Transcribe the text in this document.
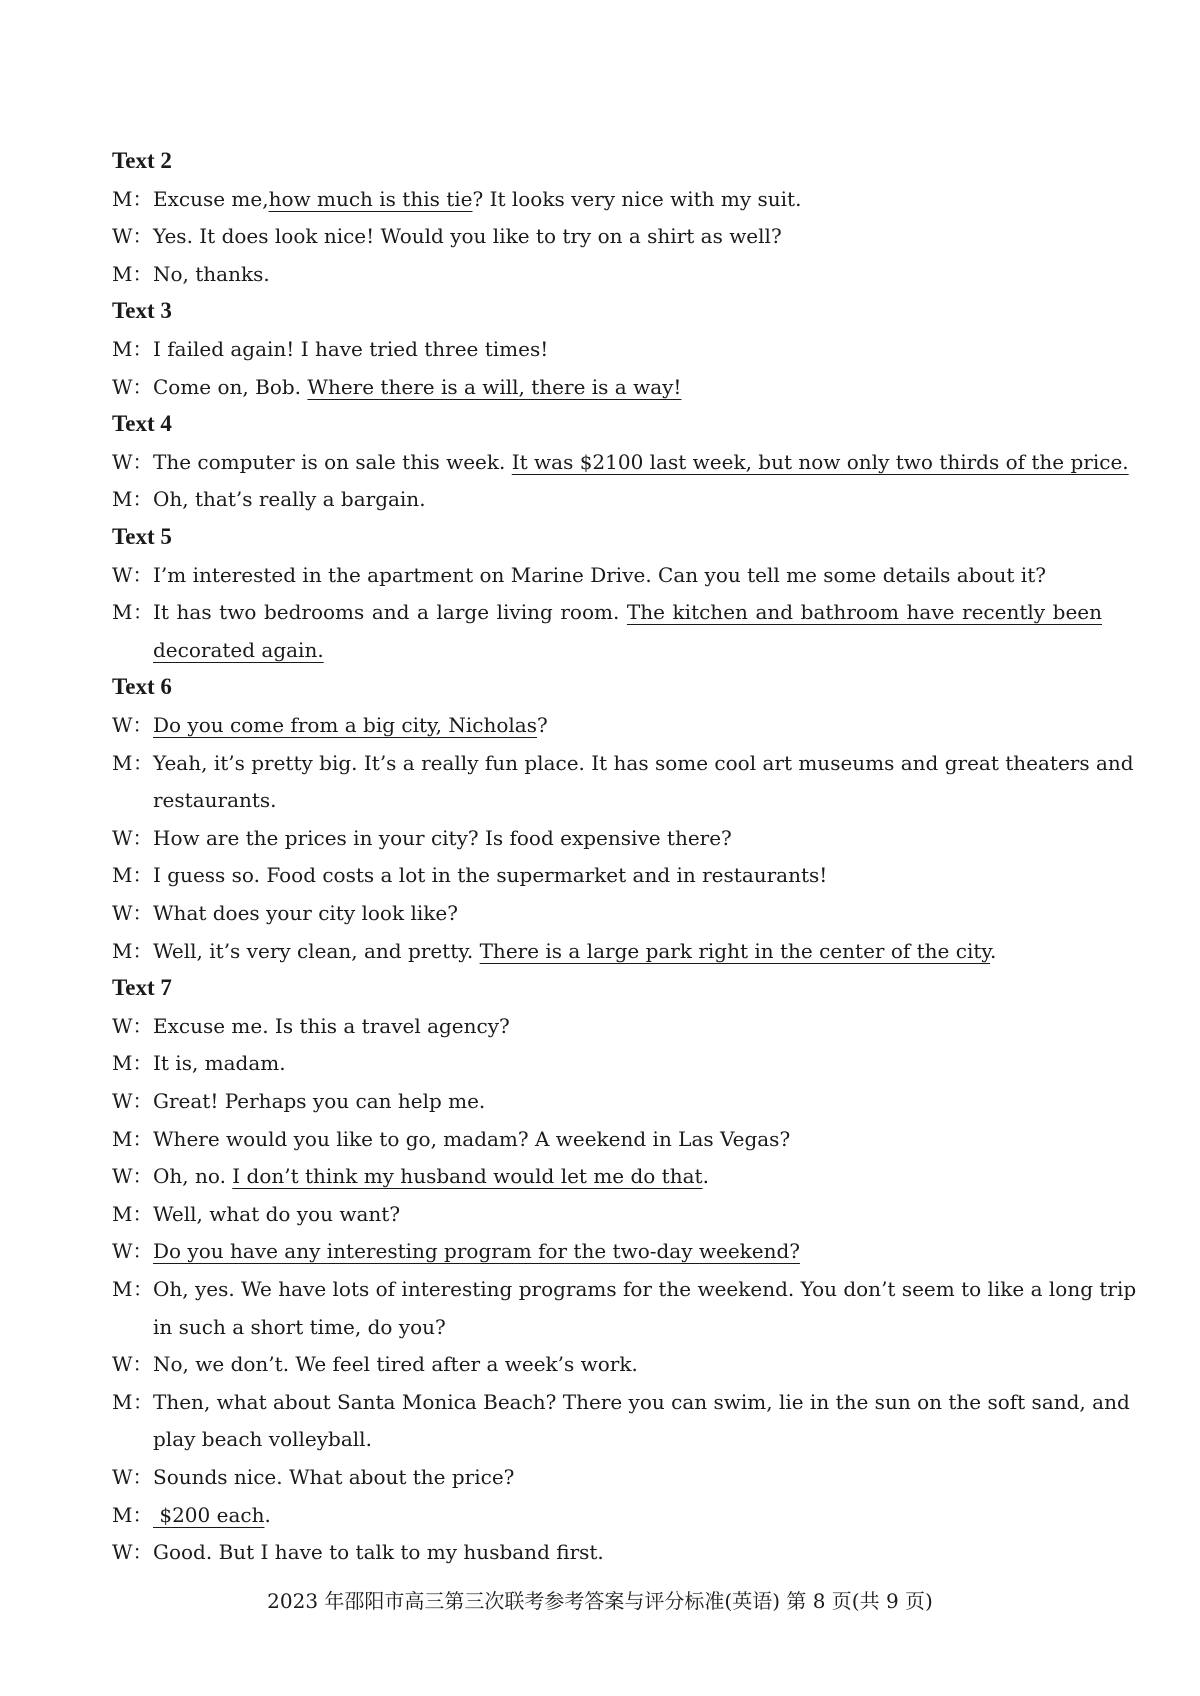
Text 2
M：Excuse me,how much is this tie? It looks very nice with my suit.
W：Yes. It does look nice! Would you like to try on a shirt as well?
M：No, thanks.
Text 3
M：I failed again! I have tried three times!
W：Come on, Bob. Where there is a will, there is a way!
Text 4
W：The computer is on sale this week. It was $2100 last week, but now only two thirds of the price.
M：Oh, that’s really a bargain.
Text 5
W：I’m interested in the apartment on Marine Drive. Can you tell me some details about it?
M：It has two bedrooms and a large living room. The kitchen and bathroom have recently been
decorated again.
Text 6
W：Do you come from a big city, Nicholas?
M：Yeah, it’s pretty big. It’s a really fun place. It has some cool art museums and great theaters and
restaurants.
W：How are the prices in your city? Is food expensive there?
M：I guess so. Food costs a lot in the supermarket and in restaurants!
W：What does your city look like?
M：Well, it’s very clean, and pretty. There is a large park right in the center of the city.
Text 7
W：Excuse me. Is this a travel agency?
M：It is, madam.
W：Great! Perhaps you can help me.
M：Where would you like to go, madam? A weekend in Las Vegas?
W：Oh, no. I don’t think my husband would let me do that.
M：Well, what do you want?
W：Do you have any interesting program for the two-day weekend?
M：Oh, yes. We have lots of interesting programs for the weekend. You don’t seem to like a long trip
in such a short time, do you?
W：No, we don’t. We feel tired after a week’s work.
M：Then, what about Santa Monica Beach? There you can swim, lie in the sun on the soft sand, and
play beach volleyball.
W：Sounds nice. What about the price?
M： $200 each.
W：Good. But I have to talk to my husband first.
2023 年邵阳市高三第三次联考参考答案与评分标准(英语) 第 8 页(共 9 页)
